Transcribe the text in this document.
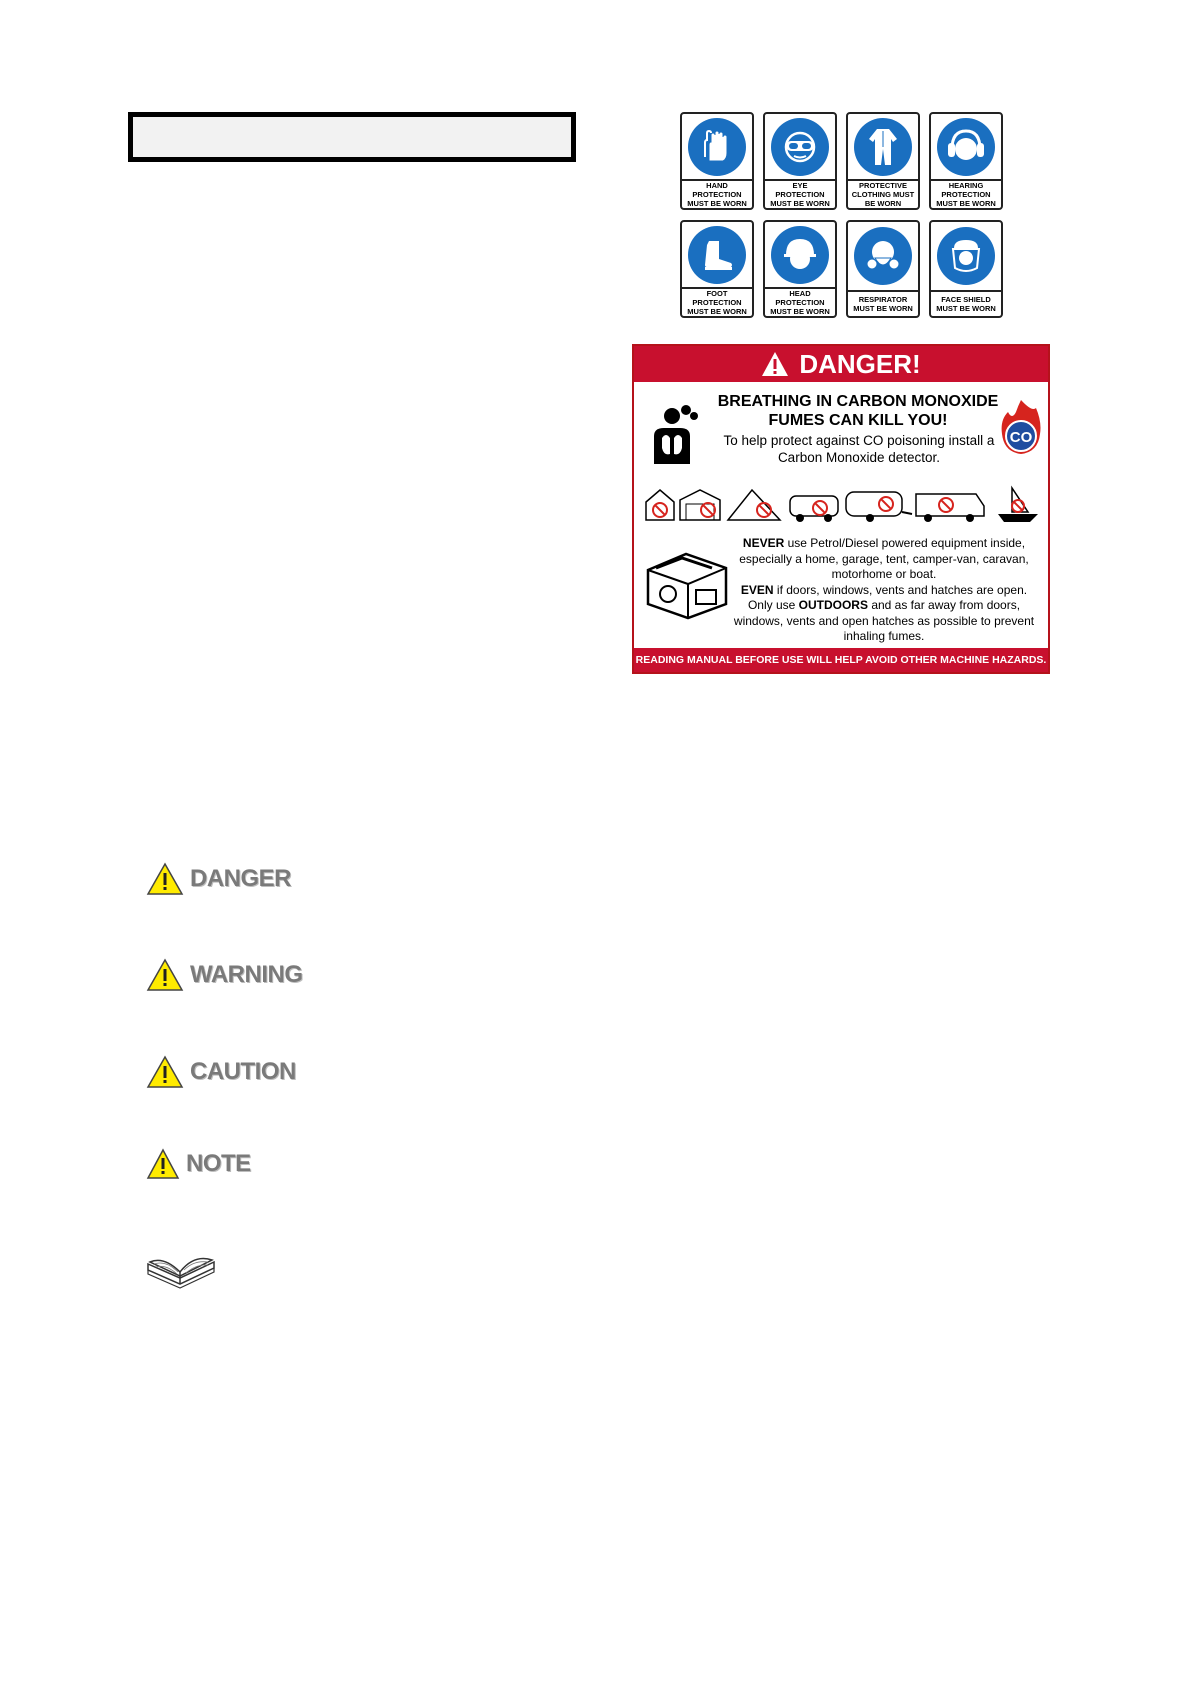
HAND PROTECTION MUST BE WORN
EYE PROTECTION MUST BE WORN
PROTECTIVE CLOTHING MUST BE WORN
HEARING PROTECTION MUST BE WORN
FOOT PROTECTION MUST BE WORN
HEAD PROTECTION MUST BE WORN
RESPIRATOR MUST BE WORN
FACE SHIELD MUST BE WORN
DANGER!
BREATHING IN CARBON MONOXIDE FUMES CAN KILL YOU!
To help protect against CO poisoning install a Carbon Monoxide detector.
CO
NEVER use Petrol/Diesel powered equipment inside, especially a home, garage, tent, camper-van, caravan, motorhome or boat.
EVEN if doors, windows, vents and hatches are open.
Only use OUTDOORS and as far away from doors, windows, vents and open hatches as possible to prevent inhaling fumes.
READING MANUAL BEFORE USE WILL HELP AVOID OTHER MACHINE HAZARDS.
DANGER
WARNING
CAUTION
NOTE
